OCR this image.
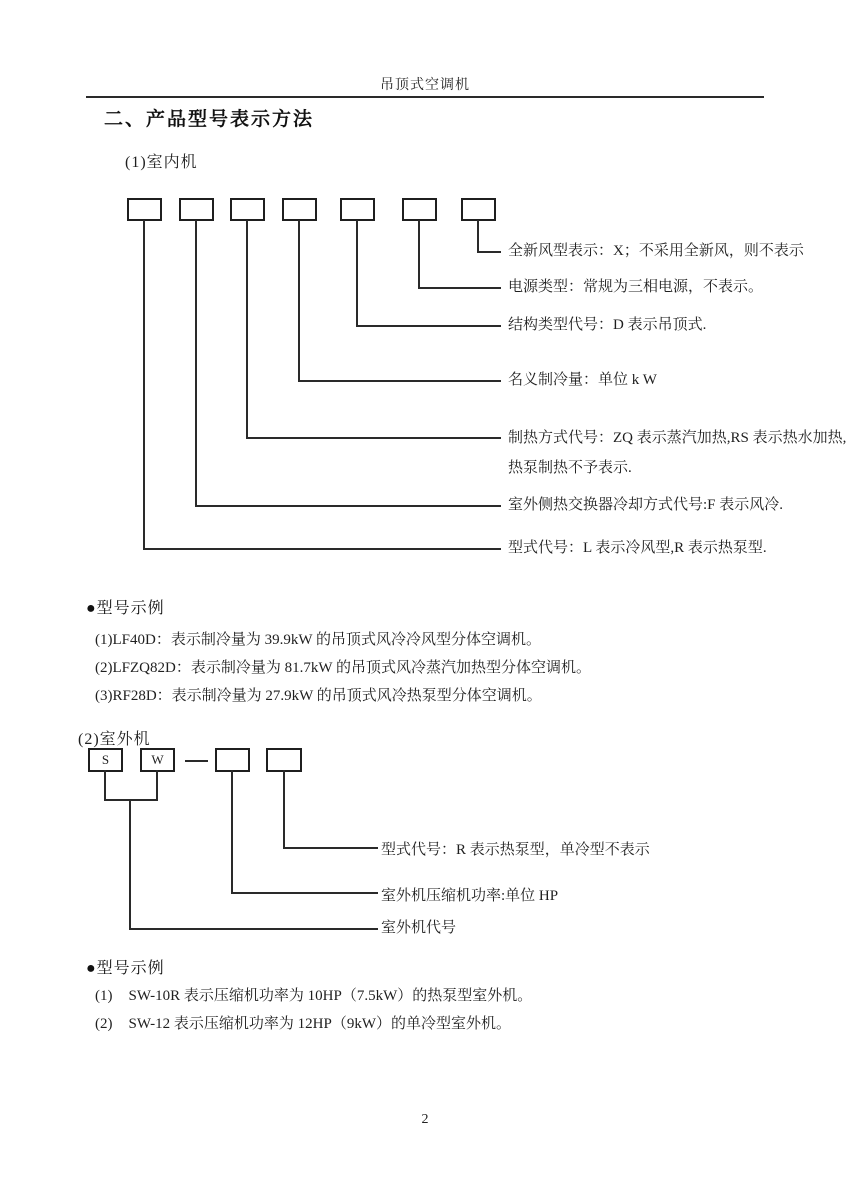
吊顶式空调机
二、产品型号表示方法
(1)室内机
全新风型表示：X；不采用全新风，则不表示
电源类型：常规为三相电源，不表示。
结构类型代号：D 表示吊顶式.
名义制冷量：单位 k W
制热方式代号：ZQ 表示蒸汽加热,RS 表示热水加热,热泵制热不予表示.
室外侧热交换器冷却方式代号:F 表示风冷.
型式代号：L 表示冷风型,R 表示热泵型.
●型号示例
(1)LF40D：表示制冷量为 39.9kW 的吊顶式风冷冷风型分体空调机。
(2)LFZQ82D：表示制冷量为 81.7kW 的吊顶式风冷蒸汽加热型分体空调机。
(3)RF28D：表示制冷量为 27.9kW 的吊顶式风冷热泵型分体空调机。
(2)室外机
S	W
型式代号：R 表示热泵型，单冷型不表示
室外机压缩机功率:单位 HP
室外机代号
●型号示例
(1) SW-10R 表示压缩机功率为 10HP（7.5kW）的热泵型室外机。
(2) SW-12 表示压缩机功率为 12HP（9kW）的单冷型室外机。
2
